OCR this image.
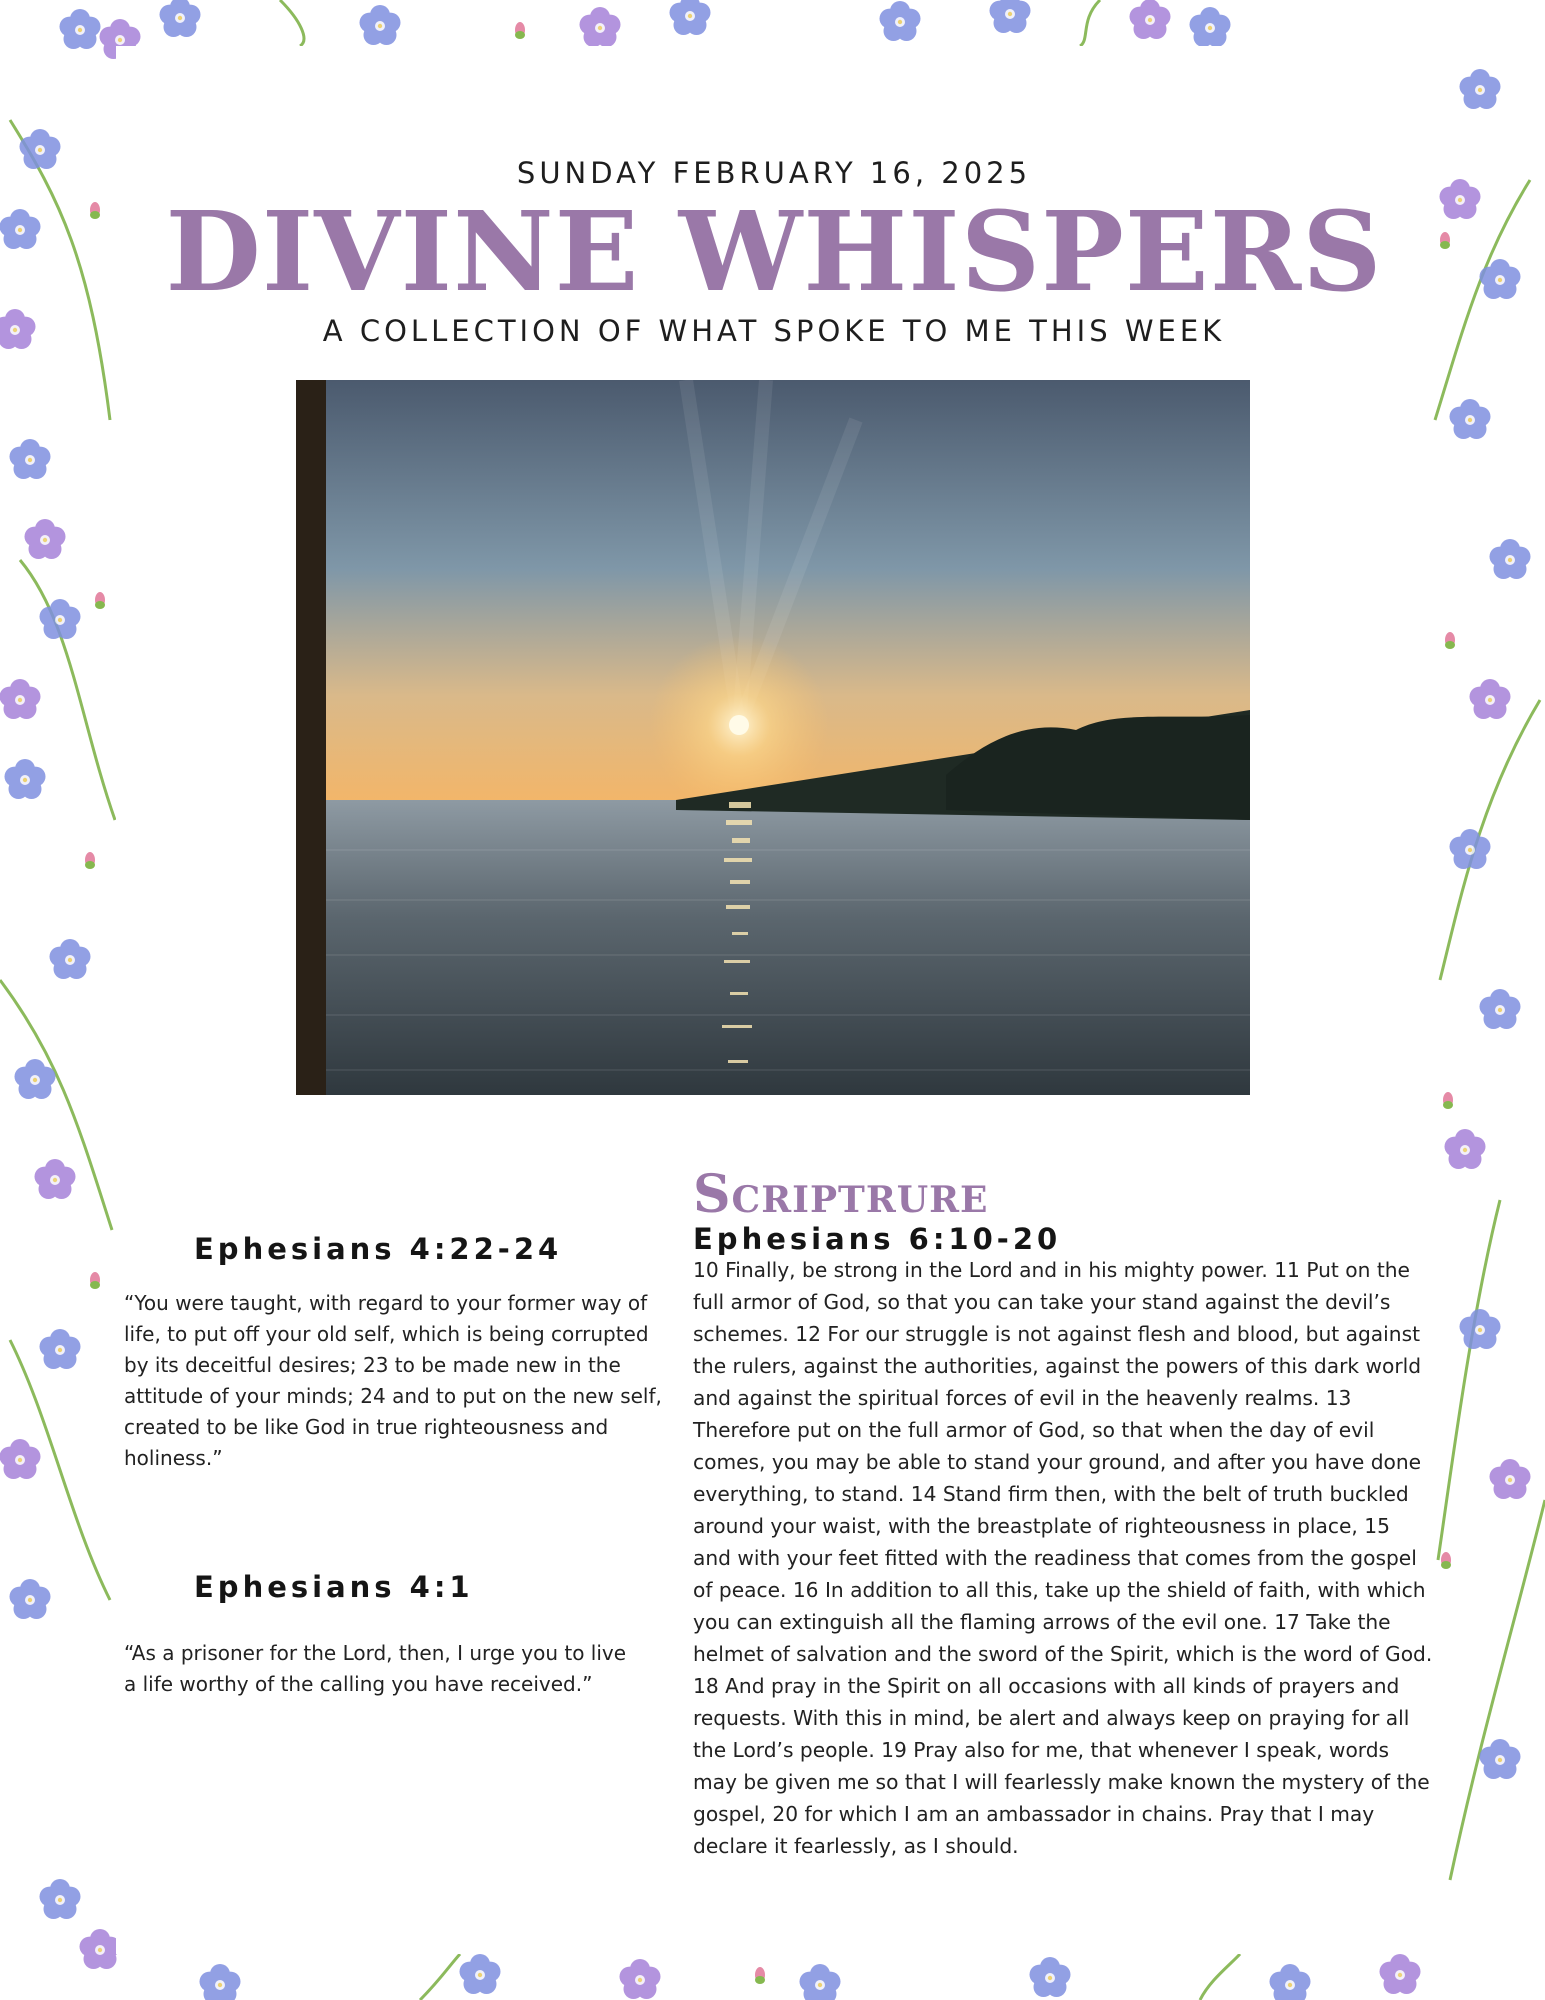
SUNDAY FEBRUARY 16, 2025
DIVINE WHISPERS
A COLLECTION OF WHAT SPOKE TO ME THIS WEEK
Ephesians 4:22-24

“You were taught, with regard to your former way of life, to put off your old self, which is being corrupted by its deceitful desires; 23 to be made new in the attitude of your minds; 24 and to put on the new self, created to be like God in true righteousness and holiness.”

Ephesians 4:1

“As a prisoner for the Lord, then, I urge you to live a life worthy of the calling you have received.”

Scriptrure
Ephesians 6:10-20

10 Finally, be strong in the Lord and in his mighty power. 11 Put on the full armor of God, so that you can take your stand against the devil’s schemes. 12 For our struggle is not against flesh and blood, but against the rulers, against the authorities, against the powers of this dark world and against the spiritual forces of evil in the heavenly realms. 13 Therefore put on the full armor of God, so that when the day of evil comes, you may be able to stand your ground, and after you have done everything, to stand. 14 Stand firm then, with the belt of truth buckled around your waist, with the breastplate of righteousness in place, 15 and with your feet fitted with the readiness that comes from the gospel of peace. 16 In addition to all this, take up the shield of faith, with which you can extinguish all the flaming arrows of the evil one. 17 Take the helmet of salvation and the sword of the Spirit, which is the word of God.

18 And pray in the Spirit on all occasions with all kinds of prayers and requests. With this in mind, be alert and always keep on praying for all the Lord’s people. 19 Pray also for me, that whenever I speak, words may be given me so that I will fearlessly make known the mystery of the gospel, 20 for which I am an ambassador in chains. Pray that I may declare it fearlessly, as I should.
